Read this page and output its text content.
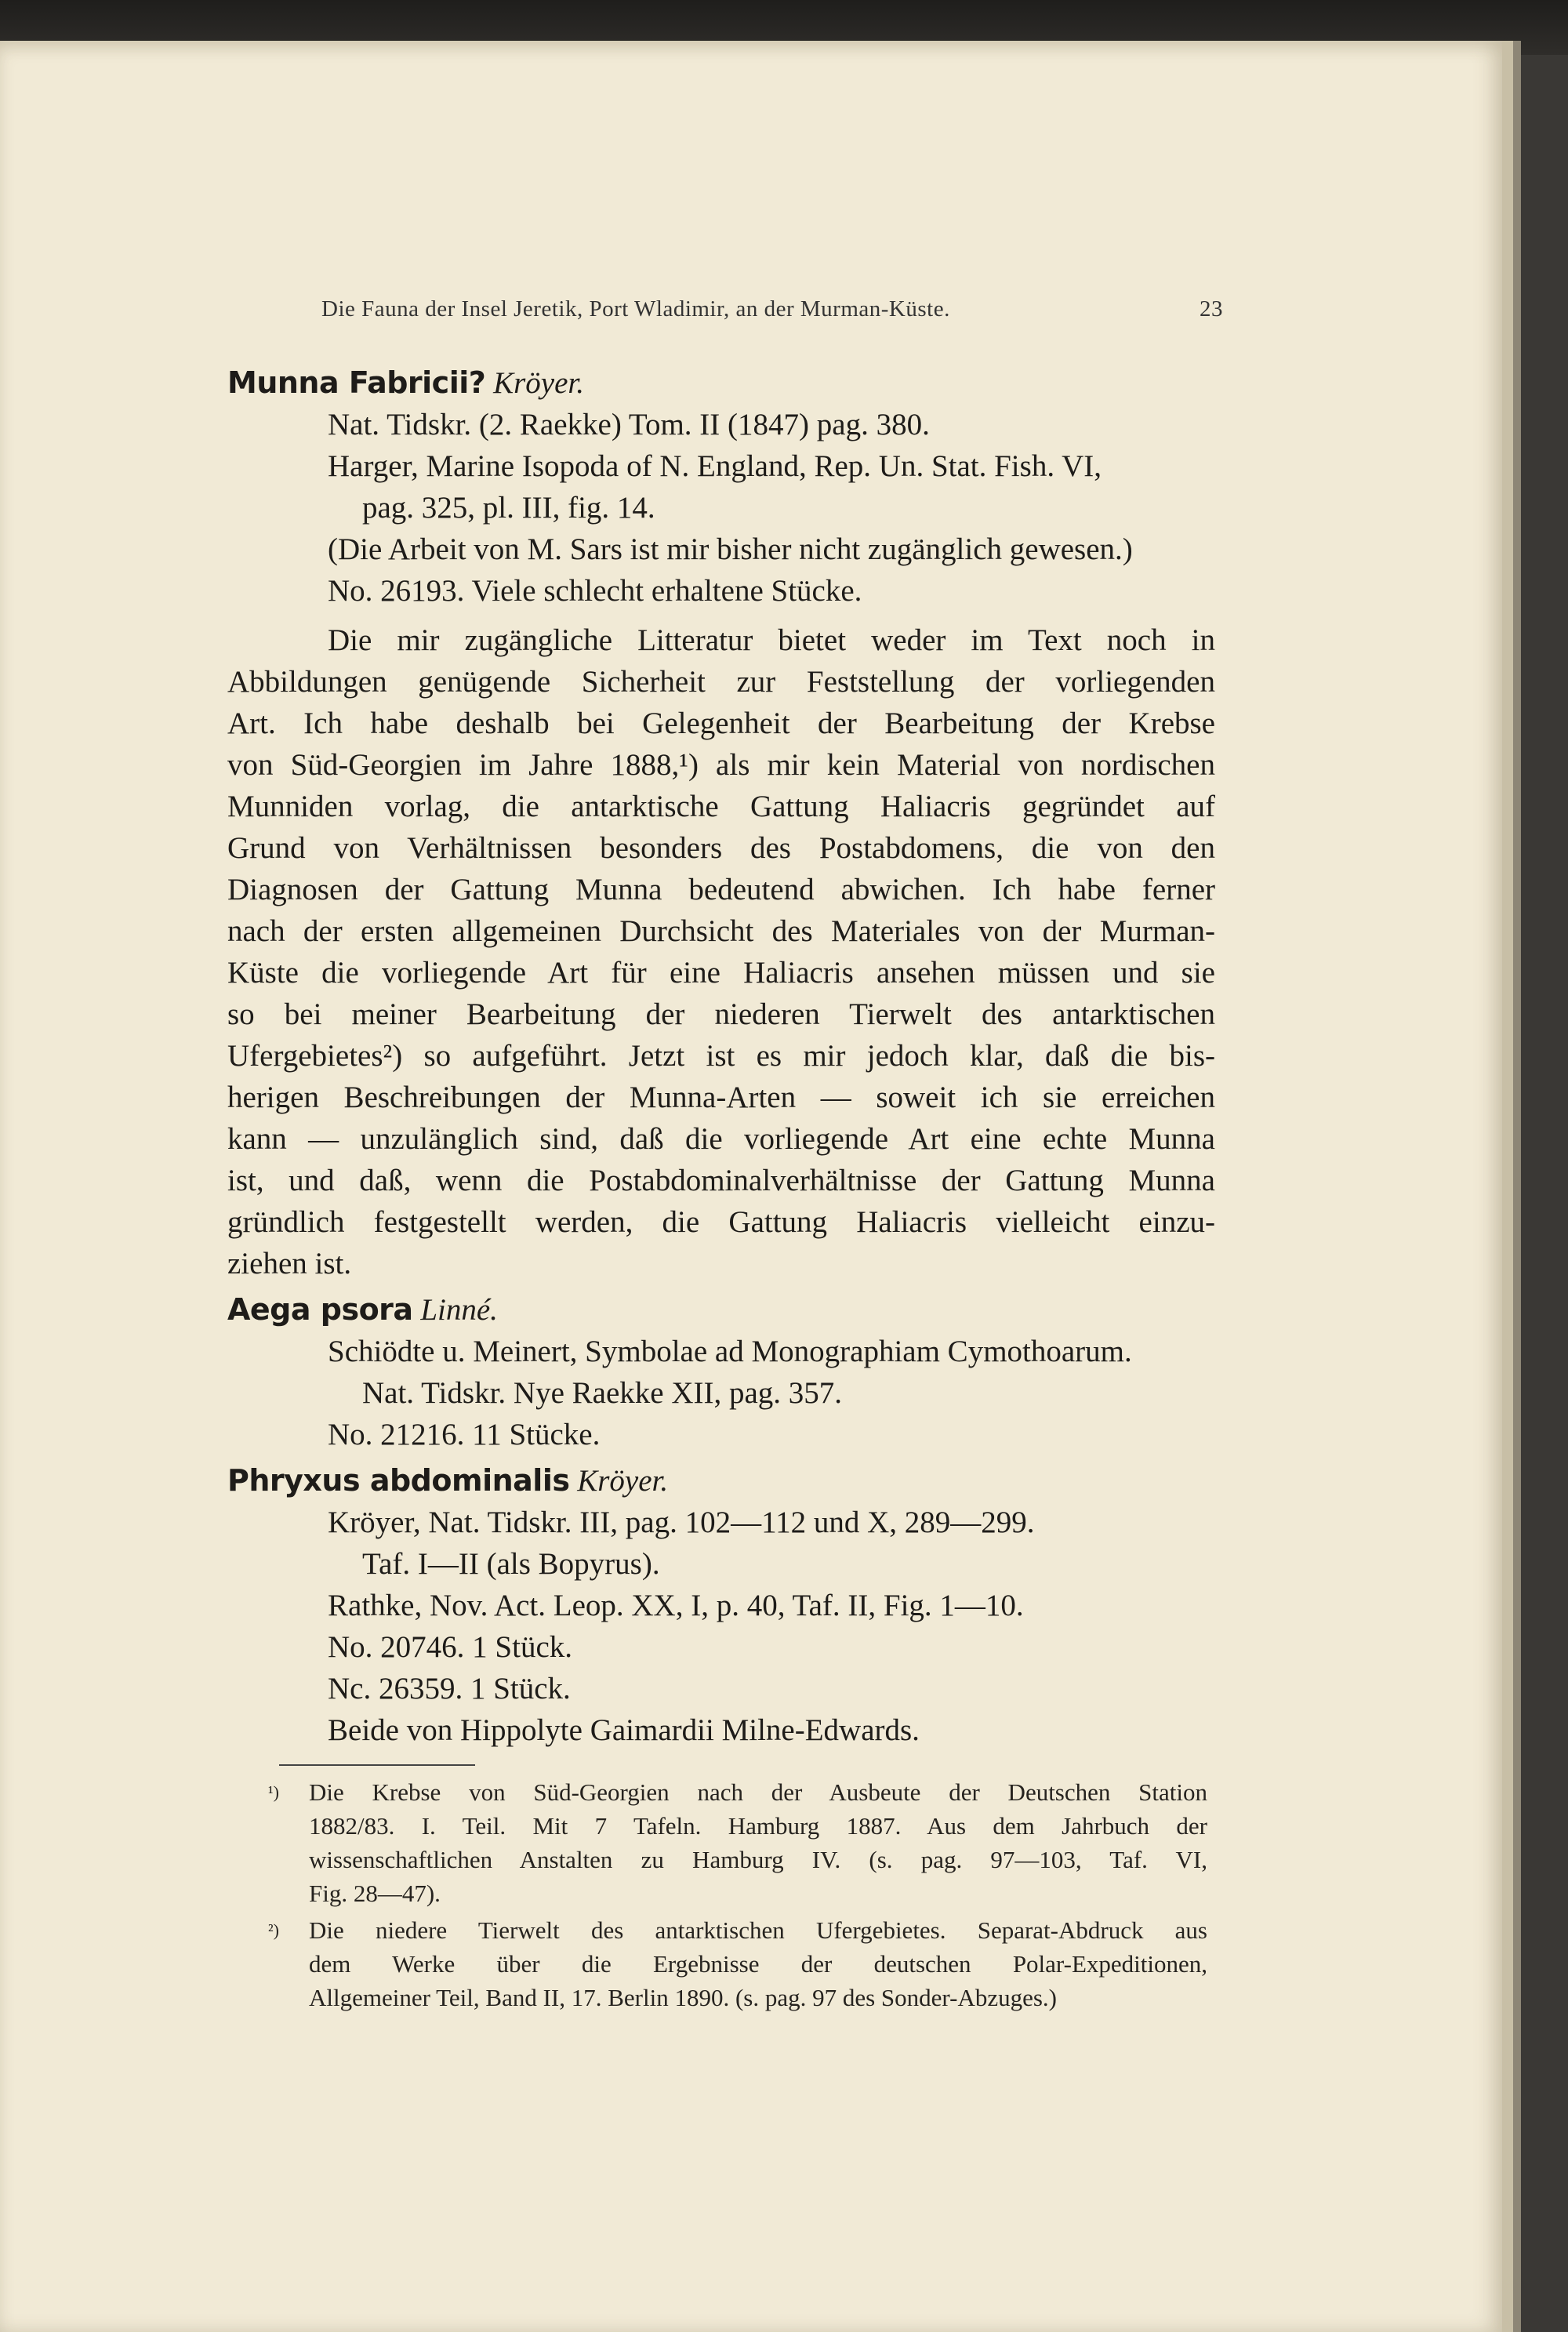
Die Fauna der Insel Jeretik, Port Wladimir, an der Murman-Küste.	23
Munna Fabricii? Kröyer.
Nat. Tidskr. (2. Raekke) Tom. II (1847) pag. 380.
Harger, Marine Isopoda of N. England, Rep. Un. Stat. Fish. VI,
pag. 325, pl. III, fig. 14.
(Die Arbeit von M. Sars ist mir bisher nicht zugänglich gewesen.)
No. 26193. Viele schlecht erhaltene Stücke.
Die mir zugängliche Litteratur bietet weder im Text noch in
Abbildungen genügende Sicherheit zur Feststellung der vorliegenden
Art. Ich habe deshalb bei Gelegenheit der Bearbeitung der Krebse
von Süd-Georgien im Jahre 1888,¹) als mir kein Material von nordischen
Munniden vorlag, die antarktische Gattung Haliacris gegründet auf
Grund von Verhältnissen besonders des Postabdomens, die von den
Diagnosen der Gattung Munna bedeutend abwichen. Ich habe ferner
nach der ersten allgemeinen Durchsicht des Materiales von der Murman-
Küste die vorliegende Art für eine Haliacris ansehen müssen und sie
so bei meiner Bearbeitung der niederen Tierwelt des antarktischen
Ufergebietes²) so aufgeführt. Jetzt ist es mir jedoch klar, daß die bis-
herigen Beschreibungen der Munna-Arten — soweit ich sie erreichen
kann — unzulänglich sind, daß die vorliegende Art eine echte Munna
ist, und daß, wenn die Postabdominalverhältnisse der Gattung Munna
gründlich festgestellt werden, die Gattung Haliacris vielleicht einzu-
ziehen ist.
Aega psora Linné.
Schiödte u. Meinert, Symbolae ad Monographiam Cymothoarum.
Nat. Tidskr. Nye Raekke XII, pag. 357.
No. 21216. 11 Stücke.
Phryxus abdominalis Kröyer.
Kröyer, Nat. Tidskr. III, pag. 102—112 und X, 289—299.
Taf. I—II (als Bopyrus).
Rathke, Nov. Act. Leop. XX, I, p. 40, Taf. II, Fig. 1—10.
No. 20746. 1 Stück.
Nc. 26359. 1 Stück.
Beide von Hippolyte Gaimardii Milne-Edwards.
¹) Die Krebse von Süd-Georgien nach der Ausbeute der Deutschen Station
1882/83. I. Teil. Mit 7 Tafeln. Hamburg 1887. Aus dem Jahrbuch der
wissenschaftlichen Anstalten zu Hamburg IV. (s. pag. 97—103, Taf. VI,
Fig. 28—47).
²) Die niedere Tierwelt des antarktischen Ufergebietes. Separat-Abdruck aus
dem Werke über die Ergebnisse der deutschen Polar-Expeditionen,
Allgemeiner Teil, Band II, 17. Berlin 1890. (s. pag. 97 des Sonder-Abzuges.)
